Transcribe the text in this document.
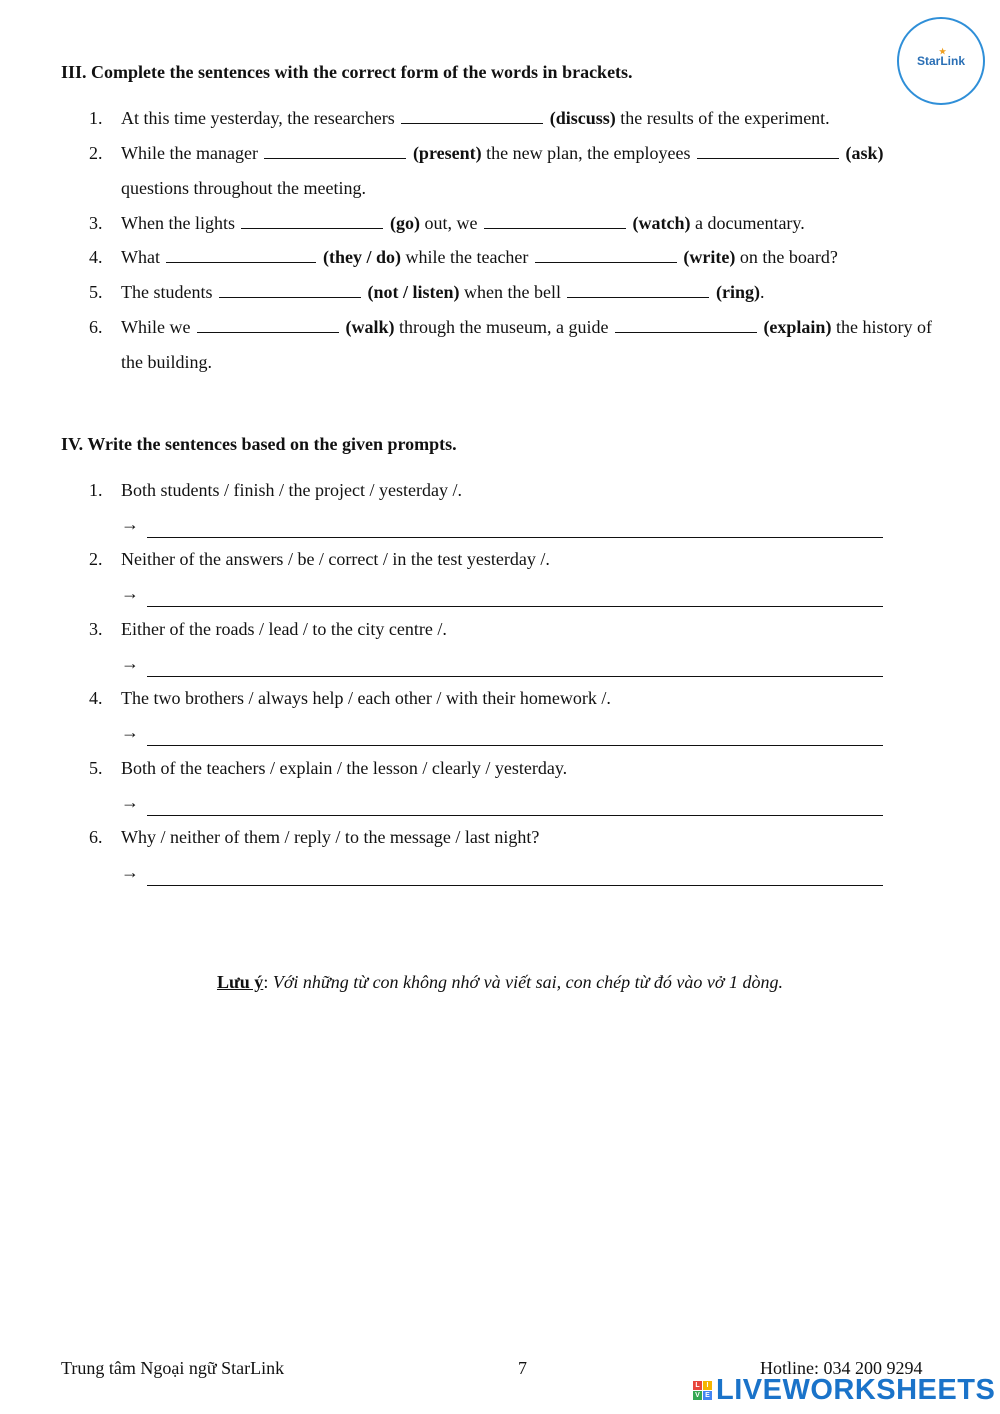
★
StarLink
III. Complete the sentences with the correct form of the words in brackets.
1.	At this time yesterday, the researchers	(discuss) the results of the experiment.
2.	While the manager	(present) the new plan, the employees	(ask) questions throughout the meeting.
3.	When the lights	(go) out, we	(watch) a documentary.
4.	What	(they / do) while the teacher	(write) on the board?
5.	The students	(not / listen) when the bell	(ring).
6.	While we	(walk) through the museum, a guide	(explain) the history of the building.
IV. Write the sentences based on the given prompts.
1.	Both students / finish / the project / yesterday /.
→
2.	Neither of the answers / be / correct / in the test yesterday /.
→
3.	Either of the roads / lead / to the city centre /.
→
4.	The two brothers / always help / each other / with their homework /.
→
5.	Both of the teachers / explain / the lesson / clearly / yesterday.
→
6.	Why / neither of them / reply / to the message / last night?
→
Lưu ý: Với những từ con không nhớ và viết sai, con chép từ đó vào vở 1 dòng.
Trung tâm Ngoại ngữ StarLink	7	Hotline: 034 200 9294
L I
V E LIVEWORKSHEETS
